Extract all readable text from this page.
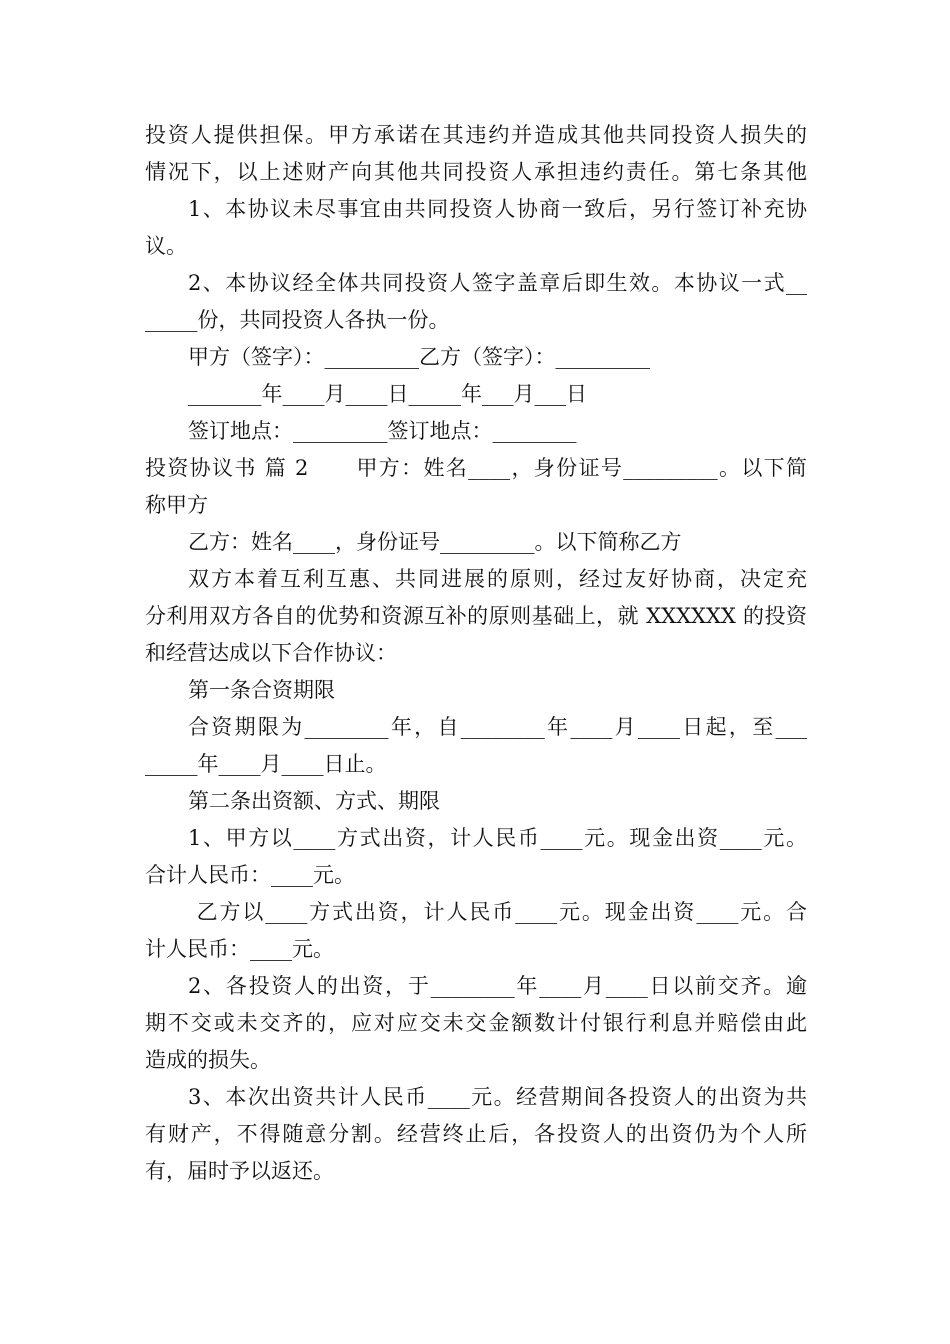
投资人提供担保。甲方承诺在其违约并造成其他共同投资人损失的
情况下，以上述财产向其他共同投资人承担违约责任。第七条其他
1、本协议未尽事宜由共同投资人协商一致后，另行签订补充协
议。
2、本协议经全体共同投资人签字盖章后即生效。本协议一式__
_____份，共同投资人各执一份。
甲方（签字）：_________乙方（签字）：_________
_______年____月____日_____年___月___日
签订地点：_________签订地点：________
投资协议书 篇 2      甲方：姓名____，身份证号_________。以下简
称甲方
乙方：姓名____，身份证号_________。以下简称乙方
双方本着互利互惠、共同进展的原则，经过友好协商，决定充
分利用双方各自的优势和资源互补的原则基础上，就 XXXXXX 的投资
和经营达成以下合作协议：
第一条合资期限
合资期限为________年，自________年____月____日起，至___
_____年____月____日止。
第二条出资额、方式、期限
1、甲方以____方式出资，计人民币____元。现金出资____元。
合计人民币：____元。
乙方以____方式出资，计人民币____元。现金出资____元。合
计人民币：____元。
2、各投资人的出资，于________年____月____日以前交齐。逾
期不交或未交齐的，应对应交未交金额数计付银行利息并赔偿由此
造成的损失。
3、本次出资共计人民币____元。经营期间各投资人的出资为共
有财产，不得随意分割。经营终止后，各投资人的出资仍为个人所
有，届时予以返还。
